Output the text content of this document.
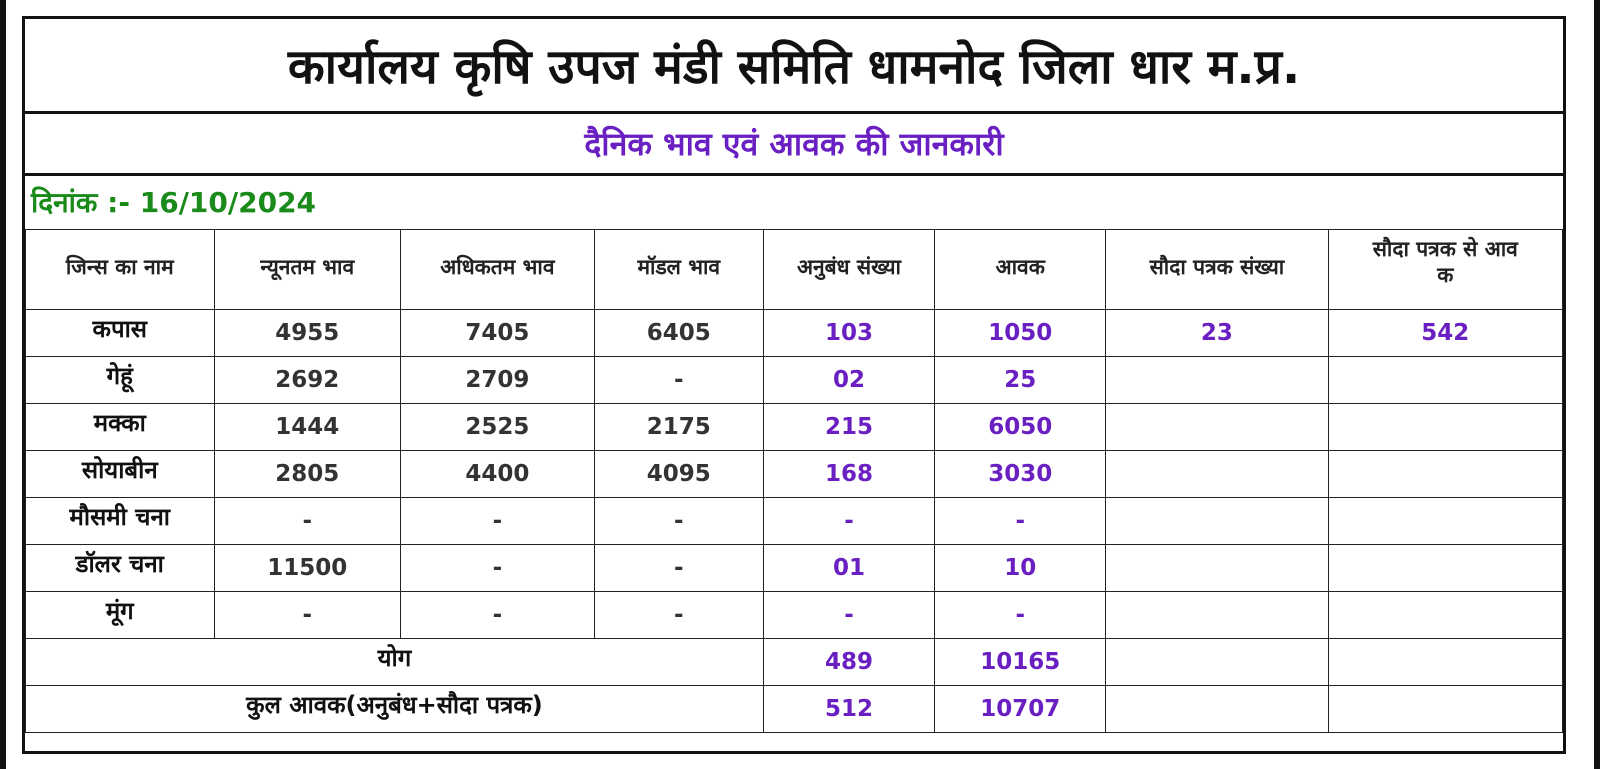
कार्यालय कृषि उपज मंडी समिति धामनोद जिला धार म.प्र.
दैनिक भाव एवं आवक की जानकारी
दिनांक :- 16/10/2024
जिन्स का नाम	न्यूनतम भाव	अधिकतम भाव	मॉडल भाव	अनुबंध संख्या	आवक	सौदा पत्रक संख्या	सौदा पत्रक से आव
क
कपास	4955	7405	6405	103	1050	23	542
गेहूं	2692	2709	-	02	25		
मक्का	1444	2525	2175	215	6050		
सोयाबीन	2805	4400	4095	168	3030		
मौसमी चना	-	-	-	-	-		
डॉलर चना	11500	-	-	01	10		
मूंग	-	-	-	-	-		
योग				489	10165		
कुल आवक(अनुबंध+सौदा पत्रक)				512	10707		
